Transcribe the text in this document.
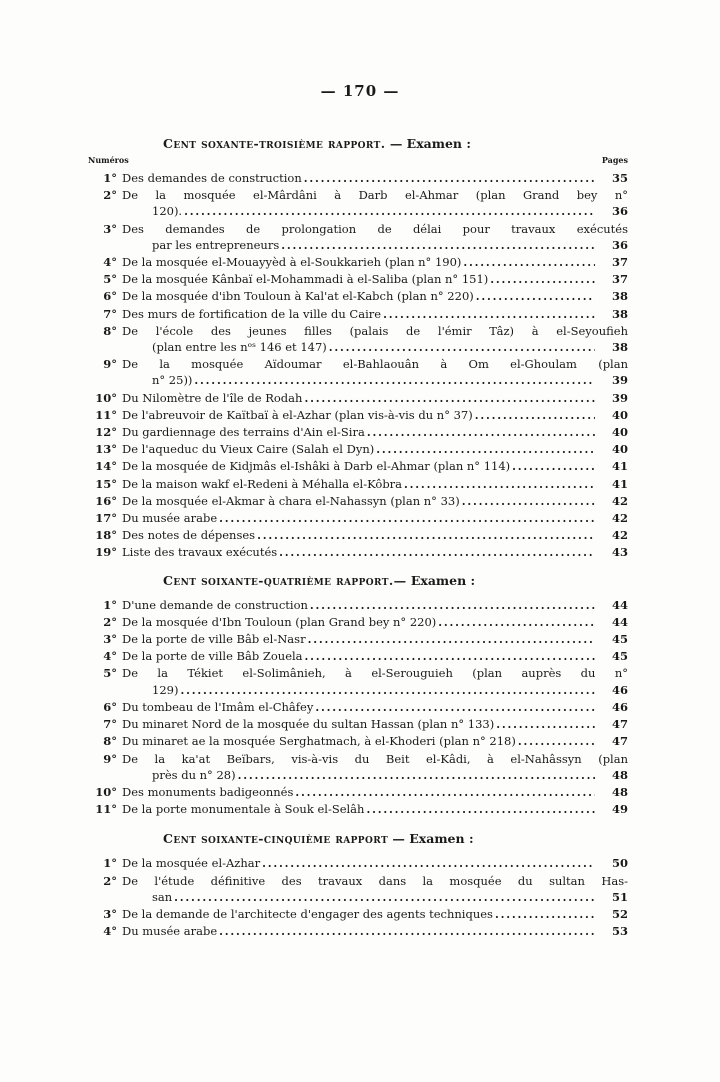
— 170 —
Cent soxante-troisième rapport. — Examen :
Numéros	Pages
1° Des demandes de construction .....	35
2° De la mosquée el-Mârdâni à Darb el-Ahmar (plan Grand bey n°
120). .....	36
3° Des demandes de prolongation de délai pour travaux exécutés
par les entrepreneurs .....	36
4° De la mosquée el-Mouayyèd à el-Soukkarieh (plan n° 190) .....	37
5° De la mosquée Kânbaï el-Mohammadi à el-Saliba (plan n° 151) .....	37
6° De la mosquée d'ibn Touloun à Kal'at el-Kabch (plan n° 220) .....	38
7° Des murs de fortification de la ville du Caire .....	38
8° De l'école des jeunes filles (palais de l'émir Tâz) à el-Seyoufieh
(plan entre les nᵒˢ 146 et 147) .....	38
9° De la mosquée Aïdoumar el-Bahlaouân à Om el-Ghoulam (plan
n° 25)) .....	39
10° Du Nilomètre de l'île de Rodah .....	39
11° De l'abreuvoir de Kaïtbaï à el-Azhar (plan vis-à-vis du n° 37) .....	40
12° Du gardiennage des terrains d'Ain el-Sira .....	40
13° De l'aqueduc du Vieux Caire (Salah el Dyn) .....	40
14° De la mosquée de Kidjmâs el-Ishâki à Darb el-Ahmar (plan n° 114) .....	41
15° De la maison wakf el-Redeni à Méhalla el-Kôbra .....	41
16° De la mosquée el-Akmar à chara el-Nahassyn (plan n° 33) .....	42
17° Du musée arabe .....	42
18° Des notes de dépenses .....	42
19° Liste des travaux exécutés .....	43
Cent soixante-quatrième rapport.— Examen :
1° D'une demande de construction .....	44
2° De la mosquée d'Ibn Touloun (plan Grand bey n° 220) .....	44
3° De la porte de ville Bâb el-Nasr .....	45
4° De la porte de ville Bâb Zouela .....	45
5° De la Tékiet el-Solimânieh, à el-Serouguieh (plan auprès du n°
129) .....	46
6° Du tombeau de l'Imâm el-Châfey .....	46
7° Du minaret Nord de la mosquée du sultan Hassan (plan n° 133) .....	47
8° Du minaret ae la mosquée Serghatmach, à el-Khoderi (plan n° 218) .....	47
9° De la ka'at Beïbars, vis-à-vis du Beit el-Kâdi, à el-Nahâssyn (plan
près du n° 28) .....	48
10° Des monuments badigeonnés .....	48
11° De la porte monumentale à Souk el-Selâh .....	49
Cent soixante-cinquième rapport — Examen :
1° De la mosquée el-Azhar .....	50
2° De l'étude définitive des travaux dans la mosquée du sultan Has-
san .....	51
3° De la demande de l'architecte d'engager des agents techniques .....	52
4° Du musée arabe .....	53
